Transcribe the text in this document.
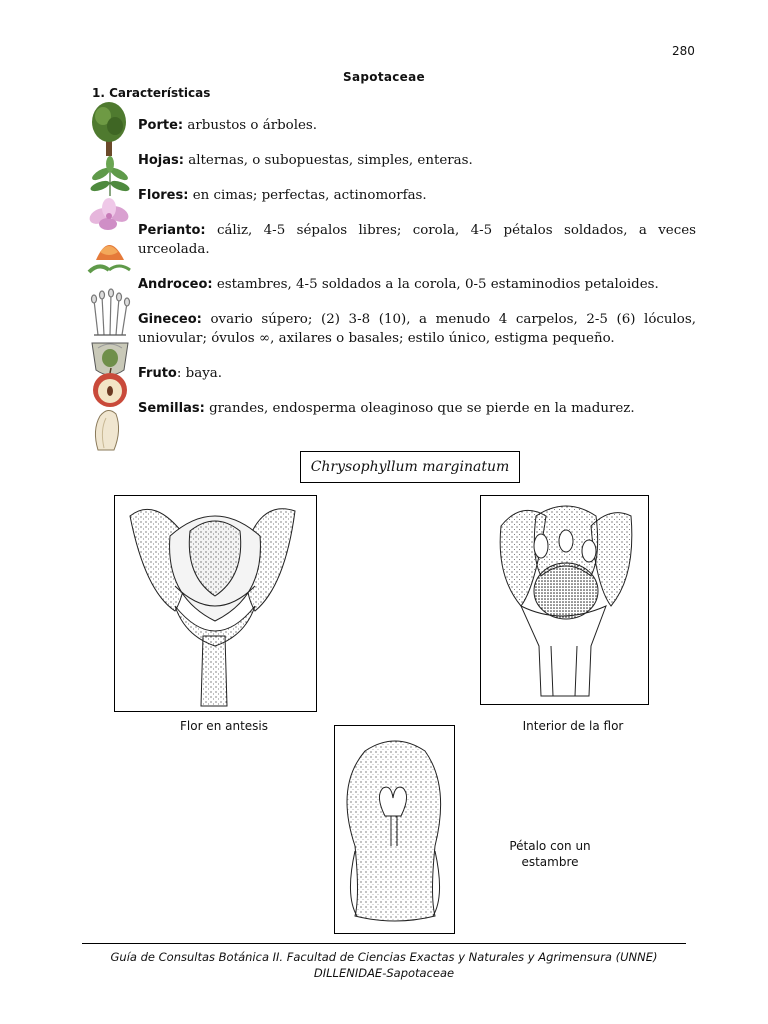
280
Sapotaceae
1. Características

Porte: arbustos o árboles.

Hojas: alternas, o subopuestas, simples, enteras.

Flores: en cimas; perfectas, actinomorfas.

Perianto: cáliz, 4-5 sépalos libres; corola, 4-5 pétalos soldados, a veces urceolada.

Androceo: estambres, 4-5 soldados a la corola, 0-5 estaminodios petaloides.

Gineceo: ovario súpero; (2) 3-8 (10), a menudo 4 carpelos, 2-5 (6) lóculos, uniovular; óvulos ∞, axilares o basales; estilo único, estigma pequeño.

Fruto: baya.

Semillas: grandes, endosperma oleaginoso que se pierde en la madurez.

Chrysophyllum marginatum
Flor en antesis	Interior de la flor
Pétalo con un
estambre
Guía de Consultas Botánica II. Facultad de Ciencias Exactas y Naturales y Agrimensura (UNNE)
DILLENIDAE-Sapotaceae
